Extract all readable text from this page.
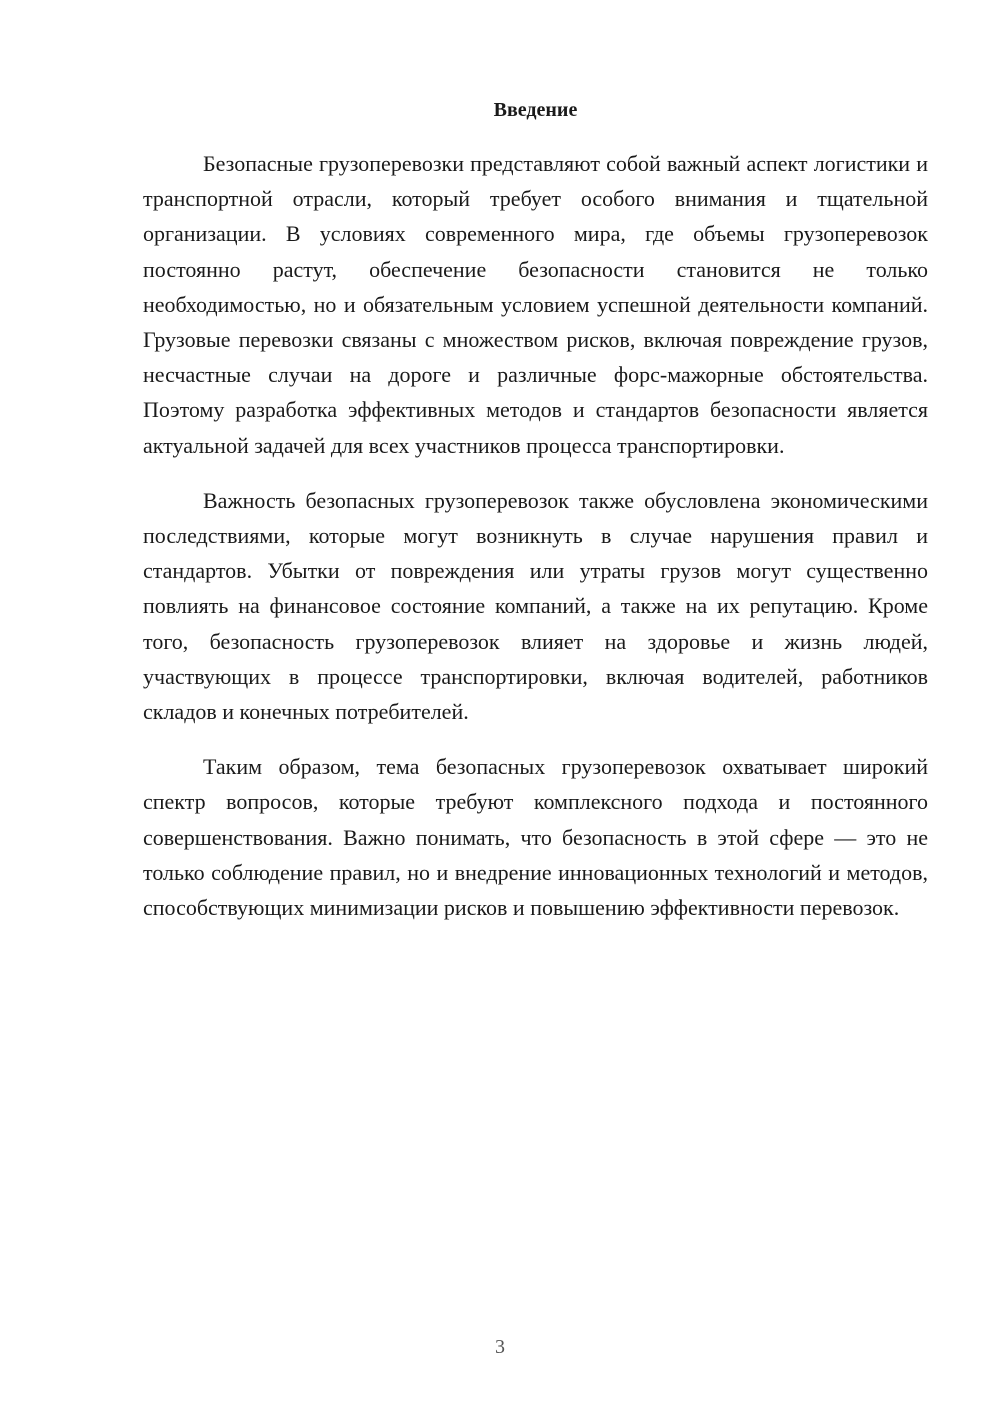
Введение

Безопасные грузоперевозки представляют собой важный аспект логистики и транспортной отрасли, который требует особого внимания и тщательной организации. В условиях современного мира, где объемы грузоперевозок постоянно растут, обеспечение безопасности становится не только необходимостью, но и обязательным условием успешной деятельности компаний. Грузовые перевозки связаны с множеством рисков, включая повреждение грузов, несчастные случаи на дороге и различные форс-мажорные обстоятельства. Поэтому разработка эффективных методов и стандартов безопасности является актуальной задачей для всех участников процесса транспортировки.

Важность безопасных грузоперевозок также обусловлена экономическими последствиями, которые могут возникнуть в случае нарушения правил и стандартов. Убытки от повреждения или утраты грузов могут существенно повлиять на финансовое состояние компаний, а также на их репутацию. Кроме того, безопасность грузоперевозок влияет на здоровье и жизнь людей, участвующих в процессе транспортировки, включая водителей, работников складов и конечных потребителей.

Таким образом, тема безопасных грузоперевозок охватывает широкий спектр вопросов, которые требуют комплексного подхода и постоянного совершенствования. Важно понимать, что безопасность в этой сфере — это не только соблюдение правил, но и внедрение инновационных технологий и методов, способствующих минимизации рисков и повышению эффективности перевозок.

3
